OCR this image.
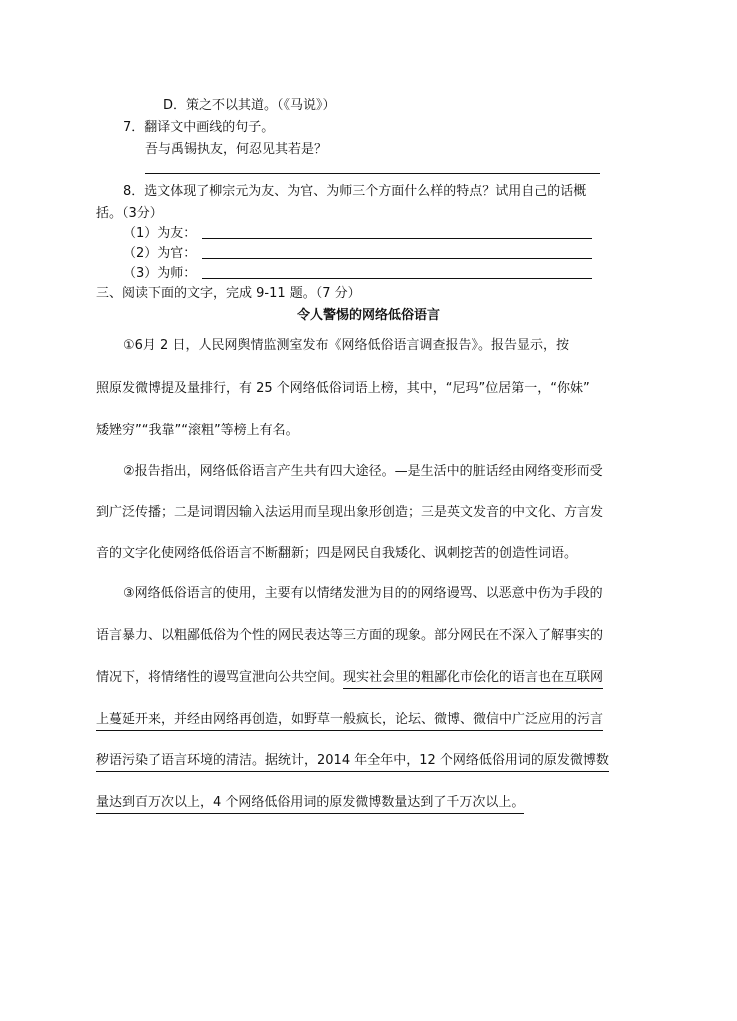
D．策之不以其道。（《马说》）
7．翻译文中画线的句子。
吾与禹锡执友，何忍见其若是？
8．选文体现了柳宗元为友、为官、为师三个方面什么样的特点？试用自己的话概
括。（3分）
（1）为友：
（2）为官：
（3）为师：
三、阅读下面的文字，完成 9-11 题。（7 分）
令人警惕的网络低俗语言
①6月 2 日，人民网舆情监测室发布《网络低俗语言调查报告》。报告显示，按
照原发微博提及量排行，有 25 个网络低俗词语上榜，其中，“尼玛”位居第一，“你妹”
矮矬穷”“我靠”“滚粗”等榜上有名。
②报告指出，网络低俗语言产生共有四大途径。—是生活中的脏话经由网络变形而受
到广泛传播；二是词谓因输入法运用而呈现出象形创造；三是英文发音的中文化、方言发
音的文字化使网络低俗语言不断翻新；四是网民自我矮化、讽刺挖苦的创造性词语。
③网络低俗语言的使用，主要有以情绪发泄为目的的网络谩骂、以恶意中伤为手段的
语言暴力、以粗鄙低俗为个性的网民表达等三方面的现象。部分网民在不深入了解事实的
情况下，将情绪性的谩骂宣泄向公共空间。现实社会里的粗鄙化市侩化的语言也在互联网
上蔓延开来，并经由网络再创造，如野草一般疯长，论坛、微博、微信中广泛应用的污言
秽语污染了语言环境的清洁。据统计，2014 年全年中，12 个网络低俗用词的原发微博数
量达到百万次以上，4 个网络低俗用词的原发微博数量达到了千万次以上。
